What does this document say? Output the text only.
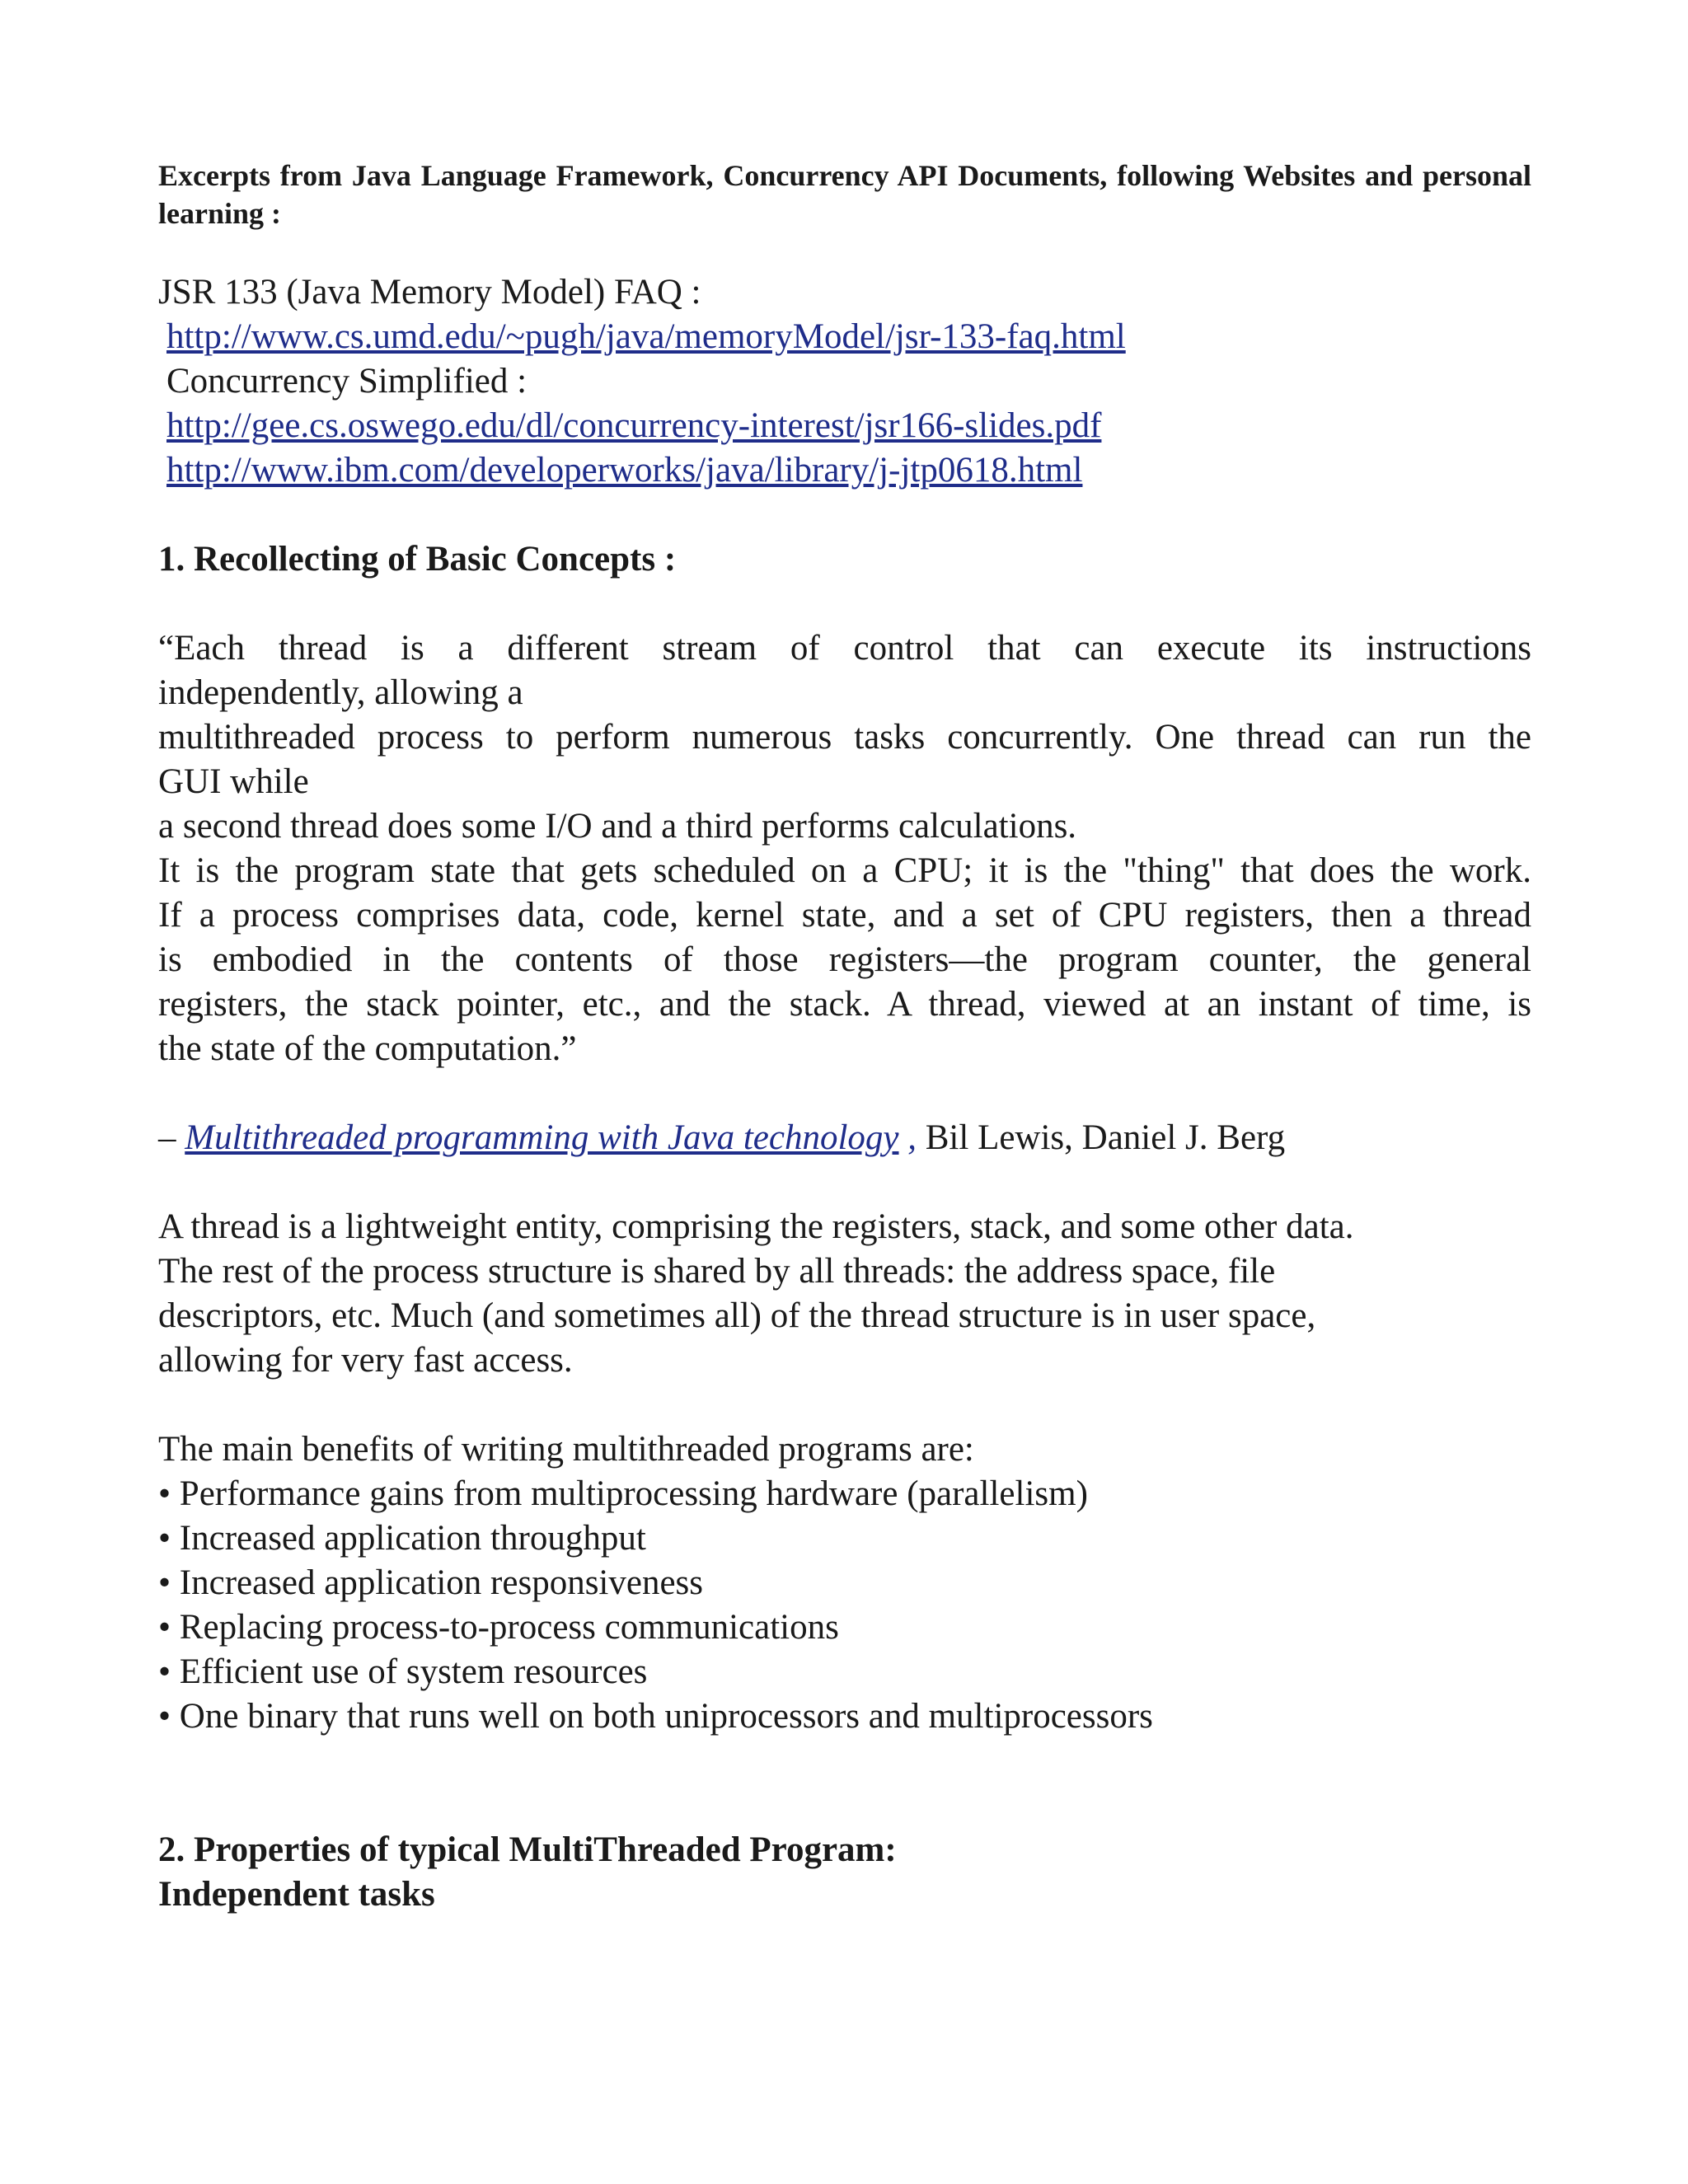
Excerpts from Java Language Framework, Concurrency API Documents, following Websites and personal learning :

JSR 133 (Java Memory Model) FAQ :
http://www.cs.umd.edu/~pugh/java/memoryModel/jsr-133-faq.html
Concurrency Simplified :
http://gee.cs.oswego.edu/dl/concurrency-interest/jsr166-slides.pdf
http://www.ibm.com/developerworks/java/library/j-jtp0618.html
1. Recollecting of Basic Concepts :
“Each thread is a different stream of control that can execute its instructions
independently, allowing a
multithreaded process to perform numerous tasks concurrently. One thread can run the
GUI while
a second thread does some I/O and a third performs calculations.
It is the program state that gets scheduled on a CPU; it is the "thing" that does the work.
If a process comprises data, code, kernel state, and a set of CPU registers, then a thread
is embodied in the contents of those registers—the program counter, the general
registers, the stack pointer, etc., and the stack. A thread, viewed at an instant of time, is
the state of the computation.”

– Multithreaded programming with Java technology , Bil Lewis, Daniel J. Berg

A thread is a lightweight entity, comprising the registers, stack, and some other data.
The rest of the process structure is shared by all threads: the address space, file
descriptors, etc. Much (and sometimes all) of the thread structure is in user space,
allowing for very fast access.
The main benefits of writing multithreaded programs are:
• Performance gains from multiprocessing hardware (parallelism)
• Increased application throughput
• Increased application responsiveness
• Replacing process-to-process communications
• Efficient use of system resources
• One binary that runs well on both uniprocessors and multiprocessors
2. Properties of typical MultiThreaded Program:
Independent tasks
